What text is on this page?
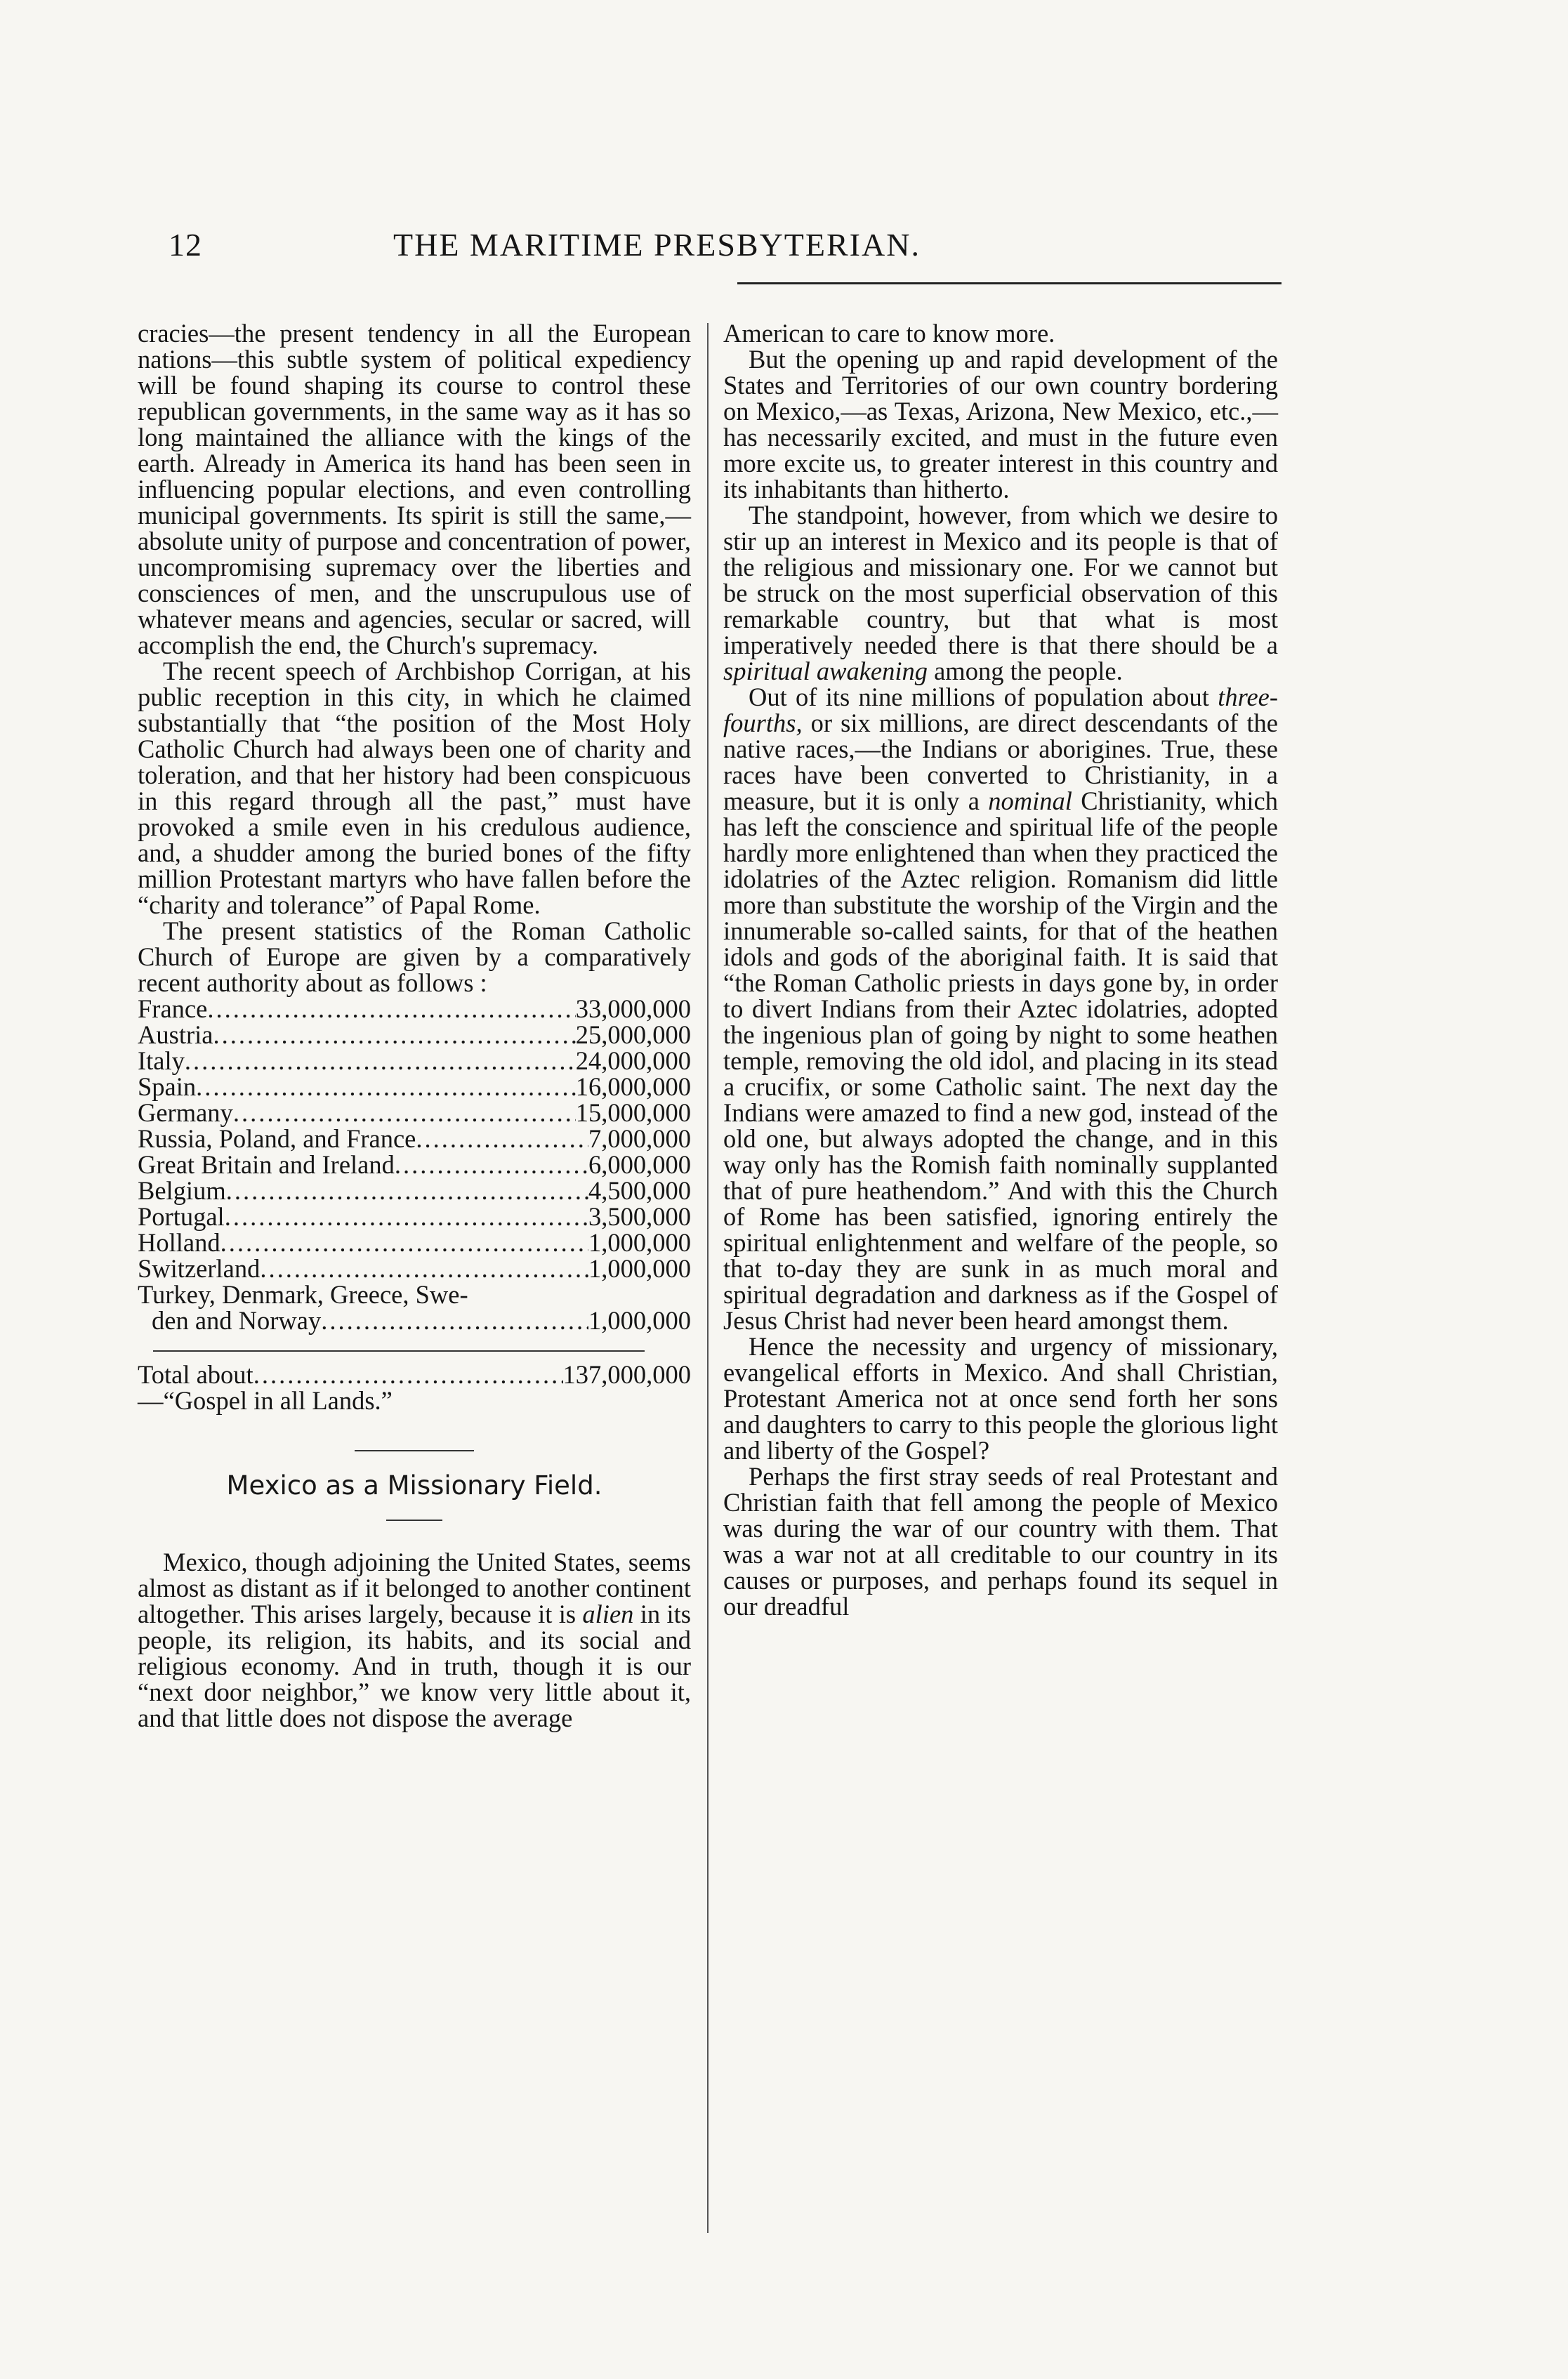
12	THE MARITIME PRESBYTERIAN.

cracies—the present tendency in all the European nations—this subtle system of political expediency will be found shaping its course to control these republican governments, in the same way as it has so long maintained the alliance with the kings of the earth. Already in America its hand has been seen in influencing popular elections, and even controlling municipal governments. Its spirit is still the same,—absolute unity of purpose and concentration of power, uncompromising supremacy over the liberties and consciences of men, and the unscrupulous use of whatever means and agencies, secular or sacred, will accomplish the end, the Church's supremacy.

The recent speech of Archbishop Corrigan, at his public reception in this city, in which he claimed substantially that “the position of the Most Holy Catholic Church had always been one of charity and toleration, and that her history had been conspicuous in this regard through all the past,” must have provoked a smile even in his credulous audience, and, a shudder among the buried bones of the fifty million Protestant martyrs who have fallen before the “charity and tolerance” of Papal Rome.

The present statistics of the Roman Catholic Church of Europe are given by a comparatively recent authority about as follows :

France .....	33,000,000
Austria .....	25,000,000
Italy .....	24,000,000
Spain .....	16,000,000
Germany .....	15,000,000
Russia, Poland, and France .....	7,000,000
Great Britain and Ireland .....	6,000,000
Belgium .....	4,500,000
Portugal .....	3,500,000
Holland .....	1,000,000
Switzerland .....	1,000,000
Turkey, Denmark, Greece, Swe-
den and Norway .....	1,000,000
Total about .....	137,000,000

—“Gospel in all Lands.”

Mexico as a Missionary Field.

Mexico, though adjoining the United States, seems almost as distant as if it belonged to another continent altogether. This arises largely, because it is alien in its people, its religion, its habits, and its social and religious economy. And in truth, though it is our “next door neighbor,” we know very little about it, and that little does not dispose the average

American to care to know more.

But the opening up and rapid development of the States and Territories of our own country bordering on Mexico,—as Texas, Arizona, New Mexico, etc.,—has necessarily excited, and must in the future even more excite us, to greater interest in this country and its inhabitants than hitherto.

The standpoint, however, from which we desire to stir up an interest in Mexico and its people is that of the religious and missionary one. For we cannot but be struck on the most superficial observation of this remarkable country, but that what is most imperatively needed there is that there should be a spiritual awakening among the people.

Out of its nine millions of population about three-fourths, or six millions, are direct descendants of the native races,—the Indians or aborigines. True, these races have been converted to Christianity, in a measure, but it is only a nominal Christianity, which has left the conscience and spiritual life of the people hardly more enlightened than when they practiced the idolatries of the Aztec religion. Romanism did little more than substitute the worship of the Virgin and the innumerable so-called saints, for that of the heathen idols and gods of the aboriginal faith. It is said that “the Roman Catholic priests in days gone by, in order to divert Indians from their Aztec idolatries, adopted the ingenious plan of going by night to some heathen temple, removing the old idol, and placing in its stead a crucifix, or some Catholic saint. The next day the Indians were amazed to find a new god, instead of the old one, but always adopted the change, and in this way only has the Romish faith nominally supplanted that of pure heathendom.” And with this the Church of Rome has been satisfied, ignoring entirely the spiritual enlightenment and welfare of the people, so that to-day they are sunk in as much moral and spiritual degradation and darkness as if the Gospel of Jesus Christ had never been heard amongst them.

Hence the necessity and urgency of missionary, evangelical efforts in Mexico. And shall Christian, Protestant America not at once send forth her sons and daughters to carry to this people the glorious light and liberty of the Gospel?

Perhaps the first stray seeds of real Protestant and Christian faith that fell among the people of Mexico was during the war of our country with them. That was a war not at all creditable to our country in its causes or purposes, and perhaps found its sequel in our dreadful
